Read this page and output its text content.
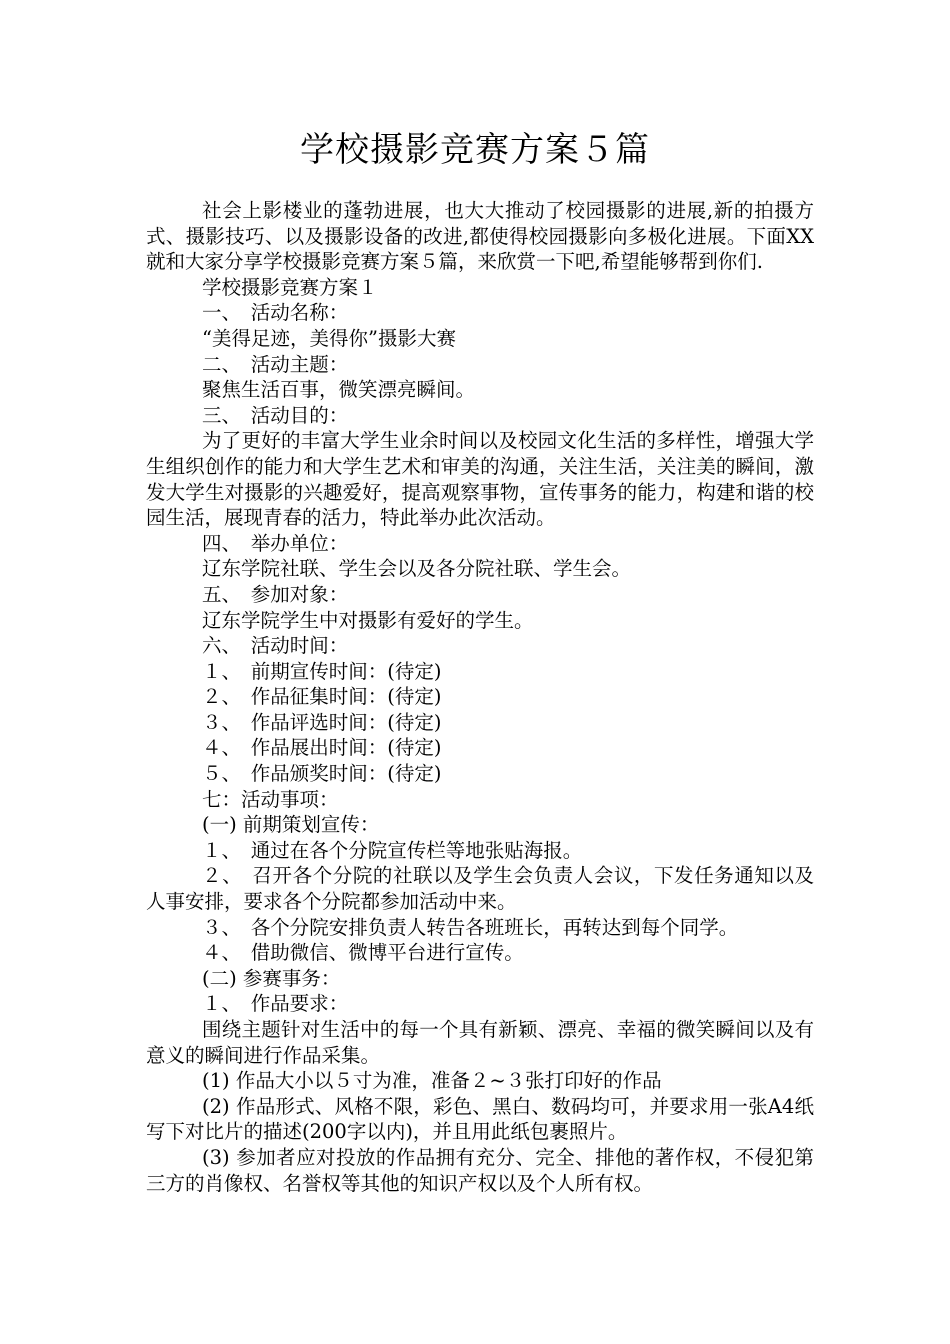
学校摄影竞赛方案５篇

社会上影楼业的蓬勃进展，也大大推动了校园摄影的进展,新的拍摄方式、摄影技巧、以及摄影设备的改进,都使得校园摄影向多极化进展。下面XX就和大家分享学校摄影竞赛方案５篇，来欣赏一下吧,希望能够帮到你们.

学校摄影竞赛方案１

一、　活动名称：

“美得足迹，美得你”摄影大赛

二、　活动主题：

聚焦生活百事，微笑漂亮瞬间。

三、　活动目的：

为了更好的丰富大学生业余时间以及校园文化生活的多样性，增强大学生组织创作的能力和大学生艺术和审美的沟通，关注生活，关注美的瞬间，激发大学生对摄影的兴趣爱好，提高观察事物，宣传事务的能力，构建和谐的校园生活，展现青春的活力，特此举办此次活动。

四、　举办单位：

辽东学院社联、学生会以及各分院社联、学生会。

五、　参加对象：

辽东学院学生中对摄影有爱好的学生。

六、　活动时间：

１、　前期宣传时间：(待定)

２、　作品征集时间：(待定)

３、　作品评选时间：(待定)

４、　作品展出时间：(待定)

５、　作品颁奖时间：(待定)

七：活动事项：

(一) 前期策划宣传：

１、　通过在各个分院宣传栏等地张贴海报。

２、　召开各个分院的社联以及学生会负责人会议，下发任务通知以及人事安排，要求各个分院都参加活动中来。

３、　各个分院安排负责人转告各班班长，再转达到每个同学。

４、　借助微信、微博平台进行宣传。

(二) 参赛事务：

１、　作品要求：

围绕主题针对生活中的每一个具有新颖、漂亮、幸福的微笑瞬间以及有意义的瞬间进行作品采集。

(1) 作品大小以５寸为准，准备２~３张打印好的作品

(2) 作品形式、风格不限，彩色、黑白、数码均可，并要求用一张A4纸写下对比片的描述(200字以内)，并且用此纸包裹照片。

(3) 参加者应对投放的作品拥有充分、完全、排他的著作权，不侵犯第三方的肖像权、名誉权等其他的知识产权以及个人所有权。
